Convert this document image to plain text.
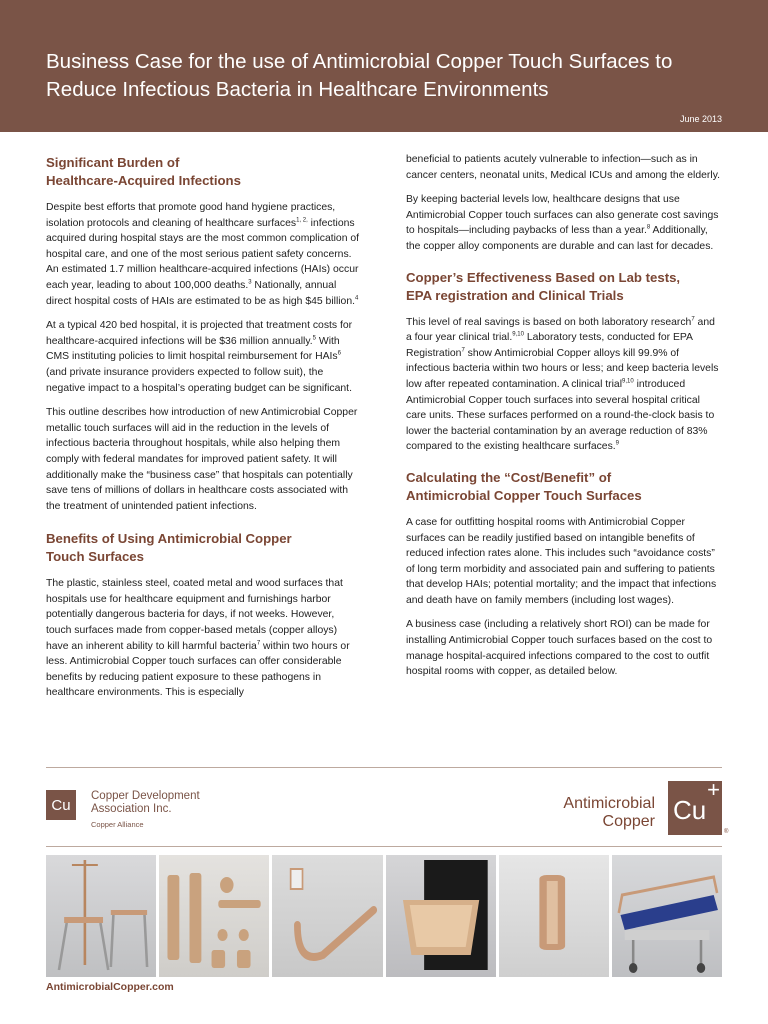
Business Case for the use of Antimicrobial Copper Touch Surfaces to Reduce Infectious Bacteria in Healthcare Environments
June 2013
Significant Burden of
Healthcare-Acquired Infections

Despite best efforts that promote good hand hygiene practices, isolation protocols and cleaning of healthcare surfaces$^{1, 2,}$ infections acquired during hospital stays are the most common complication of hospital care, and one of the most serious patient safety concerns. An estimated 1.7 million healthcare-acquired infections (HAIs) occur each year, leading to about 100,000 deaths.$^3$ Nationally, annual direct hospital costs of HAIs are estimated to be as high $45 billion.$^4$

At a typical 420 bed hospital, it is projected that treatment costs for healthcare-acquired infections will be $36 million annually.$^5$ With CMS instituting policies to limit hospital reimbursement for HAIs$^6$ (and private insurance providers expected to follow suit), the negative impact to a hospital’s operating budget can be significant.

This outline describes how introduction of new Antimicrobial Copper metallic touch surfaces will aid in the reduction in the levels of infectious bacteria throughout hospitals, while also helping them comply with federal mandates for improved patient safety. It will additionally make the “business case” that hospitals can potentially save tens of millions of dollars in healthcare costs associated with the treatment of unintended patient infections.

Benefits of Using Antimicrobial Copper
Touch Surfaces

The plastic, stainless steel, coated metal and wood surfaces that hospitals use for healthcare equipment and furnishings harbor potentially dangerous bacteria for days, if not weeks. However, touch surfaces made from copper-based metals (copper alloys) have an inherent ability to kill harmful bacteria$^7$ within two hours or less. Antimicrobial Copper touch surfaces can offer considerable benefits by reducing patient exposure to these pathogens in healthcare environments. This is especially

beneficial to patients acutely vulnerable to infection—such as in cancer centers, neonatal units, Medical ICUs and among the elderly.

By keeping bacterial levels low, healthcare designs that use Antimicrobial Copper touch surfaces can also generate cost savings to hospitals—including paybacks of less than a year.$^8$ Additionally, the copper alloy components are durable and can last for decades.

Copper’s Effectiveness Based on Lab tests,
EPA registration and Clinical Trials

This level of real savings is based on both laboratory research$^7$ and a four year clinical trial.$^{9,10}$ Laboratory tests, conducted for EPA Registration$^7$ show Antimicrobial Copper alloys kill 99.9% of infectious bacteria within two hours or less; and keep bacteria levels low after repeated contamination. A clinical trial$^{9,10}$ introduced Antimicrobial Copper touch surfaces into several hospital critical care units. These surfaces performed on a round-the-clock basis to lower the bacterial contamination by an average reduction of 83% compared to the existing healthcare surfaces.$^9$

Calculating the “Cost/Benefit” of
Antimicrobial Copper Touch Surfaces

A case for outfitting hospital rooms with Antimicrobial Copper surfaces can be readily justified based on intangible benefits of reduced infection rates alone. This includes such “avoidance costs” of long term morbidity and associated pain and suffering to patients that develop HAIs; potential mortality; and the impact that infections and death have on family members (including lost wages).

A business case (including a relatively short ROI) can be made for installing Antimicrobial Copper touch surfaces based on the cost to manage hospital-acquired infections compared to the cost to outfit hospital rooms with copper, as detailed below.

Cu
Copper Development
Association Inc.
Copper Alliance
Antimicrobial
Copper Cu
+
®
AntimicrobialCopper.com
